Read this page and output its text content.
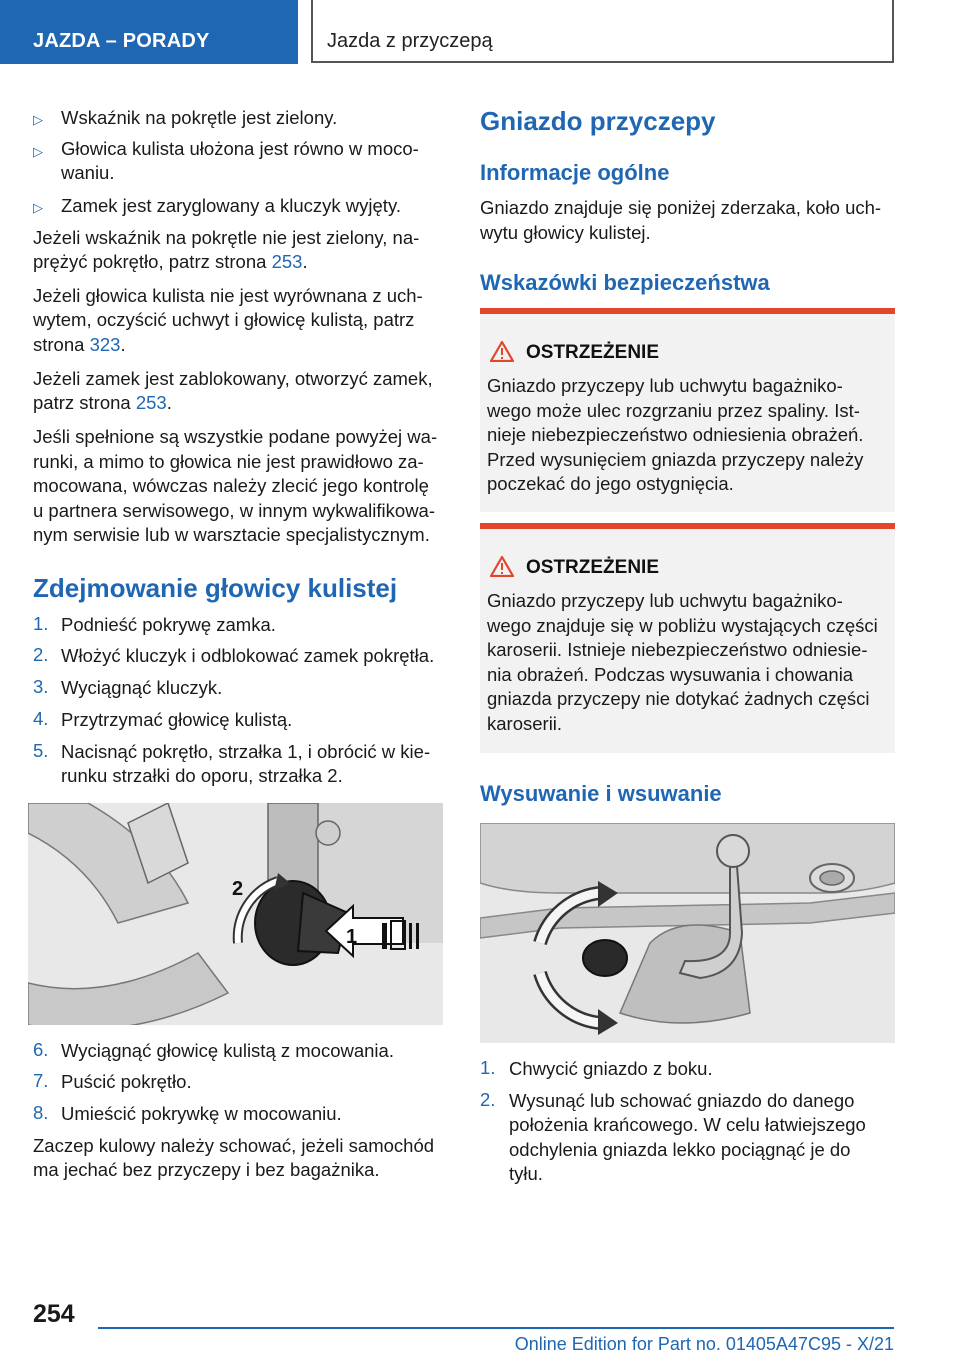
JAZDA – PORADY	Jazda z przyczepą
▷ Wskaźnik na pokrętle jest zielony.
▷ Głowica kulista ułożona jest równo w moco-
waniu.
▷ Zamek jest zaryglowany a kluczyk wyjęty.
Jeżeli wskaźnik na pokrętle nie jest zielony, na-
prężyć pokrętło, patrz strona 253.
Jeżeli głowica kulista nie jest wyrównana z uch-
wytem, oczyścić uchwyt i głowicę kulistą, patrz
strona 323.
Jeżeli zamek jest zablokowany, otworzyć zamek,
patrz strona 253.
Jeśli spełnione są wszystkie podane powyżej wa-
runki, a mimo to głowica nie jest prawidłowo za-
mocowana, wówczas należy zlecić jego kontrolę
u partnera serwisowego, w innym wykwalifikowa-
nym serwisie lub w warsztacie specjalistycznym.
Zdejmowanie głowicy kulistej
1. Podnieść pokrywę zamka.
2. Włożyć kluczyk i odblokować zamek pokrętła.
3. Wyciągnąć kluczyk.
4. Przytrzymać głowicę kulistą.
5. Nacisnąć pokrętło, strzałka 1, i obrócić w kie-
runku strzałki do oporu, strzałka 2.
2
1
6. Wyciągnąć głowicę kulistą z mocowania.
7. Puścić pokrętło.
8. Umieścić pokrywkę w mocowaniu.
Zaczep kulowy należy schować, jeżeli samochód
ma jechać bez przyczepy i bez bagażnika.
Gniazdo przyczepy
Informacje ogólne
Gniazdo znajduje się poniżej zderzaka, koło uch-
wytu głowicy kulistej.
Wskazówki bezpieczeństwa
OSTRZEŻENIE
Gniazdo przyczepy lub uchwytu bagażniko-
wego może ulec rozgrzaniu przez spaliny. Ist-
nieje niebezpieczeństwo odniesienia obrażeń.
Przed wysunięciem gniazda przyczepy należy
poczekać do jego ostygnięcia.
OSTRZEŻENIE
Gniazdo przyczepy lub uchwytu bagażniko-
wego znajduje się w pobliżu wystających części
karoserii. Istnieje niebezpieczeństwo odniesie-
nia obrażeń. Podczas wysuwania i chowania
gniazda przyczepy nie dotykać żadnych części
karoserii.
Wysuwanie i wsuwanie
1. Chwycić gniazdo z boku.
2. Wysunąć lub schować gniazdo do danego
położenia krańcowego. W celu łatwiejszego
odchylenia gniazda lekko pociągnąć je do
tyłu.
254
Online Edition for Part no. 01405A47C95 - X/21
